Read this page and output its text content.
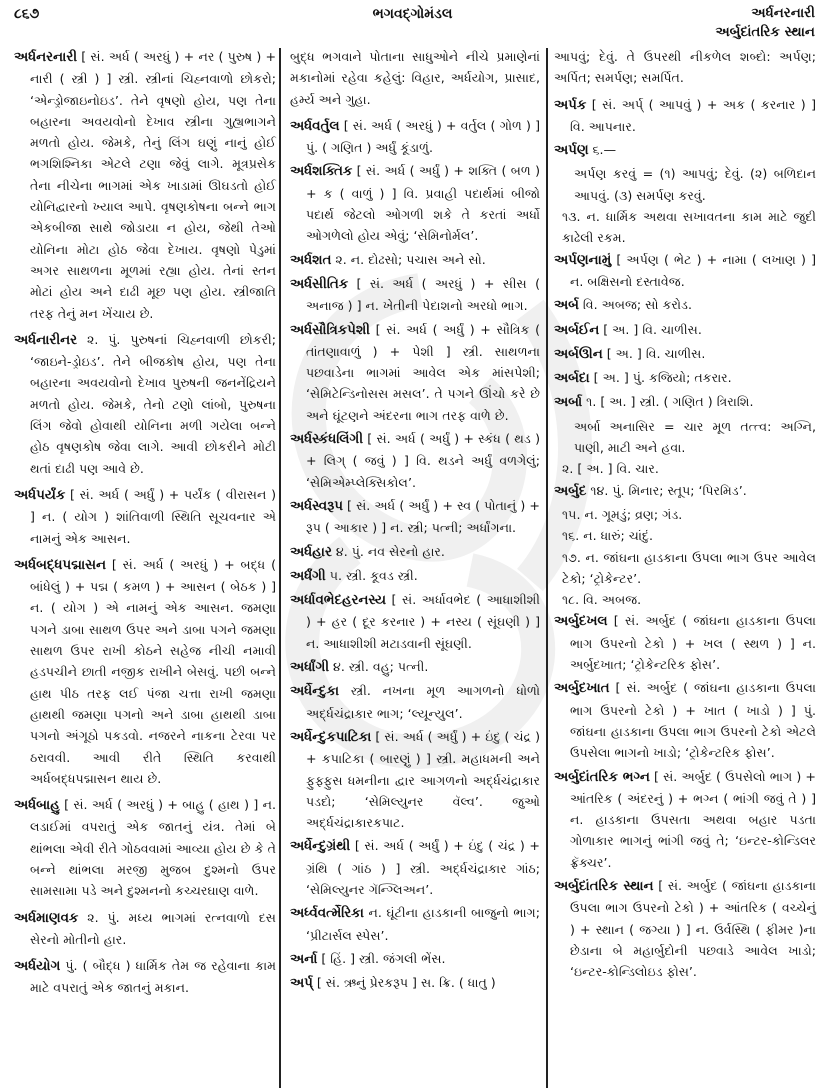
૮૬૭	ભગવદ્ગોમંડલ	અર્ધનરનારી
અર્બુદાંતરિક સ્થાન

અર્ધનરનારી [ સં. અર્ધ ( અરધું ) + નર ( પુરુષ ) + નારી ( સ્ત્રી ) ] સ્ત્રી. સ્ત્રીનાં ચિહ્નવાળો છોકરો; ‘એન્ડ્રોજાઇનોઇડ’. તેને વૃષણો હોય, પણ તેના બહારના અવયવોનો દેખાવ સ્ત્રીના ગુહ્યભાગને મળતો હોય. જેમકે, તેનું લિંગ ઘણું નાનું હોઈ ભગશિશ્નિકા એટલે ટણા જેવું લાગે. મૂત્રપ્રસેક તેના નીચેના ભાગમાં એક ખાડામાં ઊઘડતો હોઈ યોનિદ્વારનો ખ્યાલ આપે. વૃષણકોષના બન્ને ભાગ એકબીજા સાથે જોડાયા ન હોય, જેથી તેઓ યોનિના મોટા હોઠ જેવા દેખાય. વૃષણો પેડુમાં અગર સાથળના મૂળમાં રહ્યા હોય. તેનાં સ્તન મોટાં હોય અને દાઢી મૂછ પણ હોય. સ્ત્રીજાતિ તરફ તેનું મન ખેંચાય છે.

અર્ધનારીનર ૨. પું. પુરુષનાં ચિહ્નવાળી છોકરી; ‘જાઇને-ડ્રોઇડ’. તેને બીજકોષ હોય, પણ તેના બહારના અવયવોનો દેખાવ પુરુષની જનનેંદ્રિયને મળતો હોય. જેમકે, તેનો ટણો લાંબો, પુરુષના લિંગ જેવો હોવાથી યોનિના મળી ગયેલા બન્ને હોઠ વૃષણકોષ જેવા લાગે. આવી છોકરીને મોટી થતાં દાઢી પણ આવે છે.

અર્ધપર્યંક [ સં. અર્ધ ( અર્ધું ) + પર્યંક ( વીરાસન ) ] ન. ( યોગ ) શાંતિવાળી સ્થિતિ સૂચવનાર એ નામનું એક આસન.

અર્ધબદ્ધપદ્માસન [ સં. અર્ધ ( અરધું ) + બદ્ધ ( બાંધેલું ) + પદ્મ ( કમળ ) + આસન ( બેઠક ) ] ન. ( યોગ ) એ નામનું એક આસન. જમણા પગને ડાબા સાથળ ઉપર અને ડાબા પગને જમણા સાથળ ઉપર રાખી કોઠને સહેજ નીચી નમાવી હડપચીને છાતી નજીક રાખીને બેસવું. પછી બન્ને હાથ પીઠ તરફ લઈ પંજા ચત્તા રાખી જમણા હાથથી જમણા પગનો અને ડાબા હાથથી ડાબા પગનો અંગૂઠો પકડવો. નજરને નાકના ટેરવા પર ઠરાવવી. આવી રીતે સ્થિતિ કરવાથી અર્ધબદ્ધપદ્માસન થાય છે.

અર્ધબાહુ [ સં. અર્ધ ( અરધું ) + બાહુ ( હાથ ) ] ન. લડાઈમાં વપરાતું એક જાતનું યંત્ર. તેમાં બે થાંભલા એવી રીતે ગોઠવવામાં આવ્યા હોય છે કે તે બન્ને થાંભલા મરજી મુજબ દુશ્મનો ઉપર સામસામા પડે અને દુશ્મનનો કચ્ચરઘાણ વાળે.

અર્ધમાણવક ૨. પું. મધ્ય ભાગમાં રત્નવાળો દસ સેરનો મોતીનો હાર.

અર્ધયોગ પું. ( બૌદ્ધ ) ધાર્મિક તેમ જ રહેવાના કામ માટે વપરાતું એક જાતનું મકાન.

બુદ્ધ ભગવાને પોતાના સાધુઓને નીચે પ્રમાણેનાં મકાનોમાં રહેવા કહેલું: વિહાર, અર્ધયોગ, પ્રાસાદ, હર્મ્ય અને ગુહા.

અર્ધવર્તુલ [ સં. અર્ધ ( અરધું ) + વર્તુલ ( ગોળ ) ] પું. ( ગણિત ) અર્ધું કૂંડાળું.

અર્ધશક્તિક [ સં. અર્ધ ( અર્ધું ) + શક્તિ ( બળ ) + ક ( વાળું ) ] વિ. પ્રવાહી પદાર્થમાં બીજો પદાર્થ જેટલો ઓગળી શકે તે કરતાં અર્ધો ઓગળેલો હોય એવું; ‘સેમિનોર્મલ’.

અર્ધશત ૨. ન. દોઢસો; પચાસ અને સો.

અર્ધસીતિક [ સં. અર્ધ ( અરધું ) + સીસ ( અનાજ ) ] ન. ખેતીની પેદાશનો અરધો ભાગ.

અર્ધસૌત્રિકપેશી [ સં. અર્ધ ( અર્ધું ) + સૌત્રિક ( તાંતણાવાળું ) + પેશી ] સ્ત્રી. સાથળના પછવાડેના ભાગમાં આવેલ એક માંસપેશી; ‘સેમિટેન્ડિનોસસ મસલ’. તે પગને ઊંચો કરે છે અને ઘૂંટણને અંદરના ભાગ તરફ વાળે છે.

અર્ધસ્કંધલિંગી [ સં. અર્ધ ( અર્ધું ) + સ્કંધ ( થડ ) + લિગ્ ( જવું ) ] વિ. થડને અર્ધું વળગેલું; ‘સેમિએમ્પ્લેક્સિકોલ’.

અર્ધસ્વરૂપ [ સં. અર્ધ ( અર્ધું ) + સ્વ ( પોતાનું ) + રૂપ ( આકાર ) ] ન. સ્ત્રી; પત્ની; અર્ધાંગના.

અર્ધહાર ૪. પું. નવ સેરનો હાર.

અર્ધંગી ૫. સ્ત્રી. કૂવડ સ્ત્રી.

અર્ધાવભેદહરનસ્ય [ સં. અર્ધાવભેદ ( આધાશીશી ) + હર ( દૂર કરનાર ) + નસ્ય ( સૂંઘણી ) ] ન. આધાશીશી મટાડવાની સૂંઘણી.

અર્ધાંગી ૪. સ્ત્રી. વહુ; પત્ની.

અર્ધેન્દુકા સ્ત્રી. નખના મૂળ આગળનો ધોળો અર્દ્ધચંદ્રાકાર ભાગ; ‘લ્યૂન્યુલ’.

અર્ધેન્દુકપાટિકા [ સં. અર્ધ ( અર્ધું ) + ઇંદુ ( ચંદ્ર ) + કપાટિકા ( બારણું ) ] સ્ત્રી. મહાધમની અને ફુફ્ફુસ ધમનીના દ્વાર આગળનો અર્દ્ધચંદ્રાકાર પડદો; ‘સેમિલ્યુનર વૅલ્વ’. જુઓ અર્દ્ધચંદ્રાકારકપાટ.

અર્ધેન્દુગ્રંથી [ સં. અર્ધ ( અર્ધું ) + ઇંદુ ( ચંદ્ર ) + ગ્રંથિ ( ગાંઠ ) ] સ્ત્રી. અર્દ્ધચંદ્રાકાર ગાંઠ; ‘સેમિલ્યુનર ગૅન્ગ્લિઅન’.

અર્ધ્વવર્ત્મેરિકા ન. ઘૂંટીના હાડકાની બાજુનો ભાગ; ‘પ્રીટાર્સલ સ્પેસ’.

અર્ના [ હિં. ] સ્ત્રી. જંગલી ભેંસ.

અર્પ્ [ સં. ઋનું પ્રેરકરૂપ ] સ. ક્રિ. ( ધાતુ )

આપવું; દેવું. તે ઉપરથી નીકળેલ શબ્દો: અર્પણ; અર્પિત; સમર્પણ; સમર્પિત.

અર્પક [ સં. અર્પ્ ( આપવું ) + અક ( કરનાર ) ] વિ. આપનાર.

અર્પણ ૬.—

અર્પણ કરવું = (૧) આપવું; દેવું. (૨) બળિદાન આપવું. (૩) સમર્પણ કરવું.

૧૩. ન. ધાર્મિક અથવા સખાવતના કામ માટે જુદી કાઢેલી રકમ.

અર્પણનામું [ અર્પણ ( ભેટ ) + નામા ( લખાણ ) ] ન. બક્ષિસનો દસ્તાવેજ.

અર્બ વિ. અબજ; સો કરોડ.

અર્બઈન [ અ. ] વિ. ચાળીસ.

અર્બઊન [ અ. ] વિ. ચાળીસ.

અર્બદા [ અ. ] પું. કજિયો; તકરાર.

અર્બા ૧. [ અ. ] સ્ત્રી. ( ગણિત ) ત્રિરાશિ.

અર્બા અનાસિર = ચાર મૂળ તત્ત્વ: અગ્નિ, પાણી, માટી અને હવા.

૨. [ અ. ] વિ. ચાર.

અર્બુદ ૧૪. પું. મિનાર; સ્તૂપ; ‘પિરમિડ’.

૧૫. ન. ગૂમડું; વ્રણ; ગંડ.

૧૬. ન. ધારું; ચાંદું.

૧૭. ન. જાંઘના હાડકાના ઉપલા ભાગ ઉપર આવેલ ટેકો; ‘ટ્રોકેન્ટર’.

૧૮. વિ. અબજ.

અર્બુદખલ [ સં. અર્બુદ ( જાંઘના હાડકાના ઉપલા ભાગ ઉપરનો ટેકો ) + ખલ ( સ્થળ ) ] ન. અર્બુદખાત; ‘ટ્રોકેન્ટરિક ફોસ’.

અર્બુદખાત [ સં. અર્બુદ ( જાંઘના હાડકાના ઉપલા ભાગ ઉપરનો ટેકો ) + ખાત ( ખાડો ) ] પું. જાંઘના હાડકાના ઉપલા ભાગ ઉપરનો ટેકો એટલે ઉપસેલા ભાગનો ખાડો; ‘ટ્રોકેન્ટરિક ફોસ’.

અર્બુદાંતરિક ભગ્ન [ સં. અર્બુદ ( ઉપસેલો ભાગ ) + આંતરિક ( અંદરનું ) + ભગ્ન ( ભાંગી જવું તે ) ] ન. હાડકાના ઉપસતા અથવા બહાર પડતા ગોળાકાર ભાગનું ભાંગી જવું તે; ‘ઇન્ટર-કોન્ડિલર ફ્રૅક્ચર’.

અર્બુદાંતરિક સ્થાન [ સં. અર્બુદ ( જાંઘના હાડકાના ઉપલા ભાગ ઉપરનો ટેકો ) + આંતરિક ( વચ્ચેનું ) + સ્થાન ( જગ્યા ) ] ન. ઉર્વસ્થિ ( ફીમર )ના છેડાના બે મહાર્બુદોની પછવાડે આવેલ ખાડો; ‘ઇન્ટર-કોન્ડિલોઇડ ફોસ’.
